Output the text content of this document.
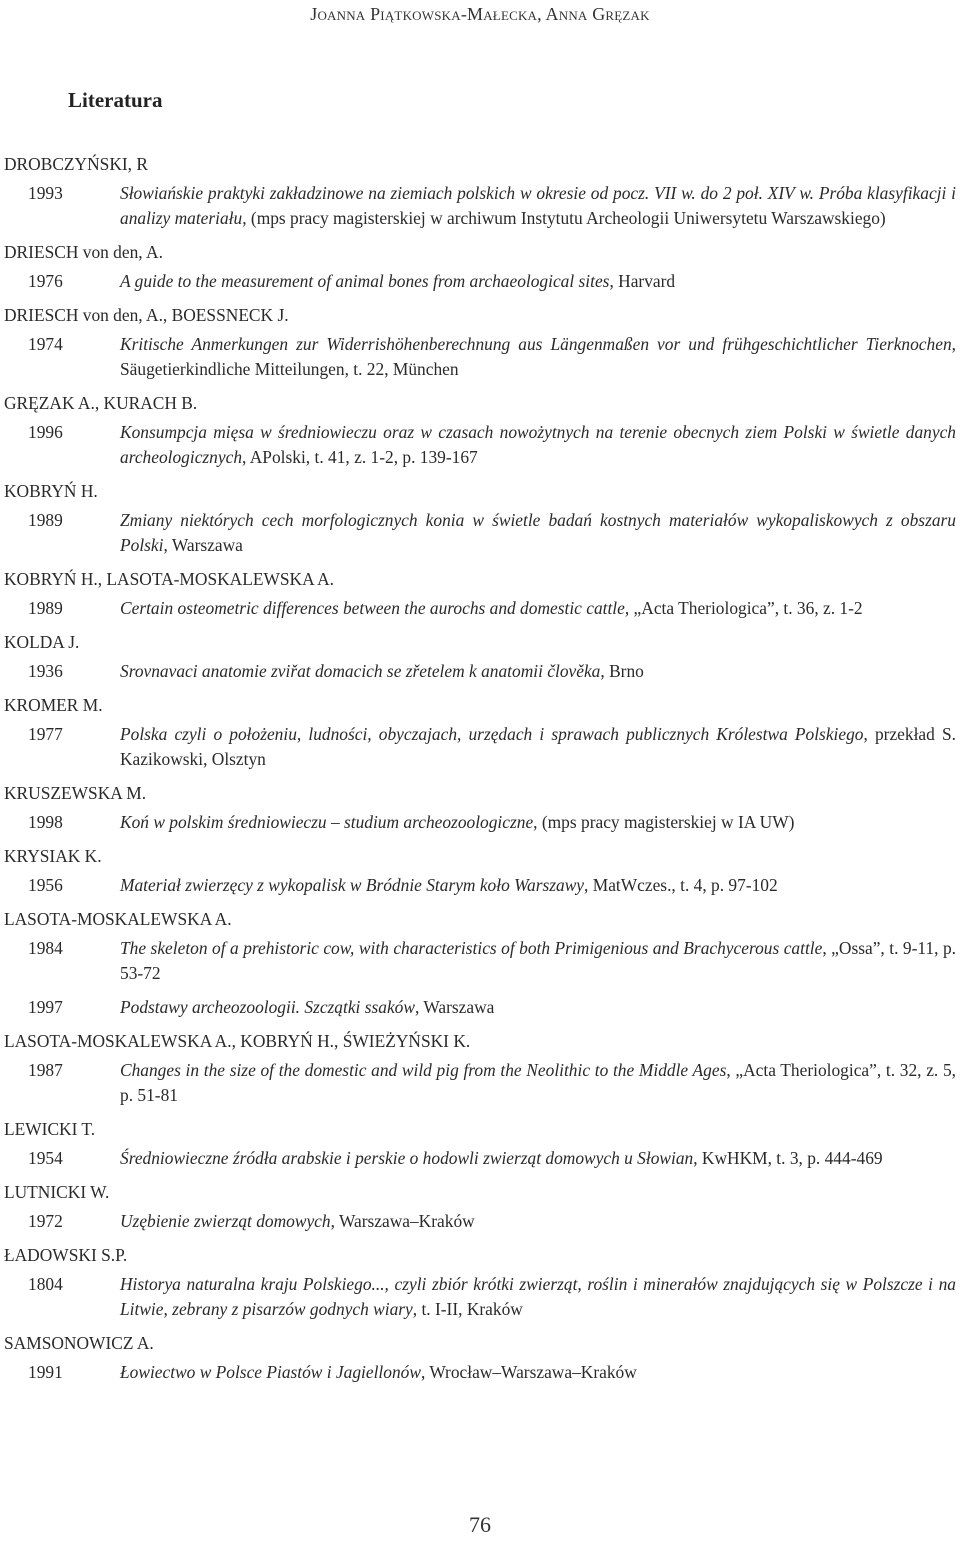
Joanna Piątkowska-Małecka, Anna Gręzak
Literatura
DROBCZYŃSKI, R
1993	Słowiańskie praktyki zakładzinowe na ziemiach polskich w okresie od pocz. VII w. do 2 poł. XIV w. Próba klasyfikacji i analizy materiału, (mps pracy magisterskiej w archiwum Instytutu Archeologii Uniwersytetu Warszawskiego)
DRIESCH von den, A.
1976	A guide to the measurement of animal bones from archaeological sites, Harvard
DRIESCH von den, A., BOESSNECK J.
1974	Kritische Anmerkungen zur Widerrishöhenberechnung aus Längenmaßen vor und frühgeschichtlicher Tierknochen, Säugetierkindliche Mitteilungen, t. 22, München
GRĘZAK A., KURACH B.
1996	Konsumpcja mięsa w średniowieczu oraz w czasach nowożytnych na terenie obecnych ziem Polski w świetle danych archeologicznych, APolski, t. 41, z. 1-2, p. 139-167
KOBRYŃ H.
1989	Zmiany niektórych cech morfologicznych konia w świetle badań kostnych materiałów wykopaliskowych z obszaru Polski, Warszawa
KOBRYŃ H., LASOTA-MOSKALEWSKA A.
1989	Certain osteometric differences between the aurochs and domestic cattle, „Acta Theriologica”, t. 36, z. 1-2
KOLDA J.
1936	Srovnavaci anatomie zviřat domacich se zřetelem k anatomii člověka, Brno
KROMER M.
1977	Polska czyli o położeniu, ludności, obyczajach, urzędach i sprawach publicznych Królestwa Polskiego, przekład S. Kazikowski, Olsztyn
KRUSZEWSKA M.
1998	Koń w polskim średniowieczu – studium archeozoologiczne, (mps pracy magisterskiej w IA UW)
KRYSIAK K.
1956	Materiał zwierzęcy z wykopalisk w Bródnie Starym koło Warszawy, MatWczes., t. 4, p. 97-102
LASOTA-MOSKALEWSKA A.
1984	The skeleton of a prehistoric cow, with characteristics of both Primigenious and Brachycerous cattle, „Ossa”, t. 9-11, p. 53-72
1997	Podstawy archeozoologii. Szczątki ssaków, Warszawa
LASOTA-MOSKALEWSKA A., KOBRYŃ H., ŚWIEŻYŃSKI K.
1987	Changes in the size of the domestic and wild pig from the Neolithic to the Middle Ages, „Acta Theriologica”, t. 32, z. 5, p. 51-81
LEWICKI T.
1954	Średniowieczne źródła arabskie i perskie o hodowli zwierząt domowych u Słowian, KwHKM, t. 3, p. 444-469
LUTNICKI W.
1972	Uzębienie zwierząt domowych, Warszawa–Kraków
ŁADOWSKI S.P.
1804	Historya naturalna kraju Polskiego..., czyli zbiór krótki zwierząt, roślin i minerałów znajdujących się w Polszcze i na Litwie, zebrany z pisarzów godnych wiary, t. I-II, Kraków
SAMSONOWICZ A.
1991	Łowiectwo w Polsce Piastów i Jagiellonów, Wrocław–Warszawa–Kraków
76
